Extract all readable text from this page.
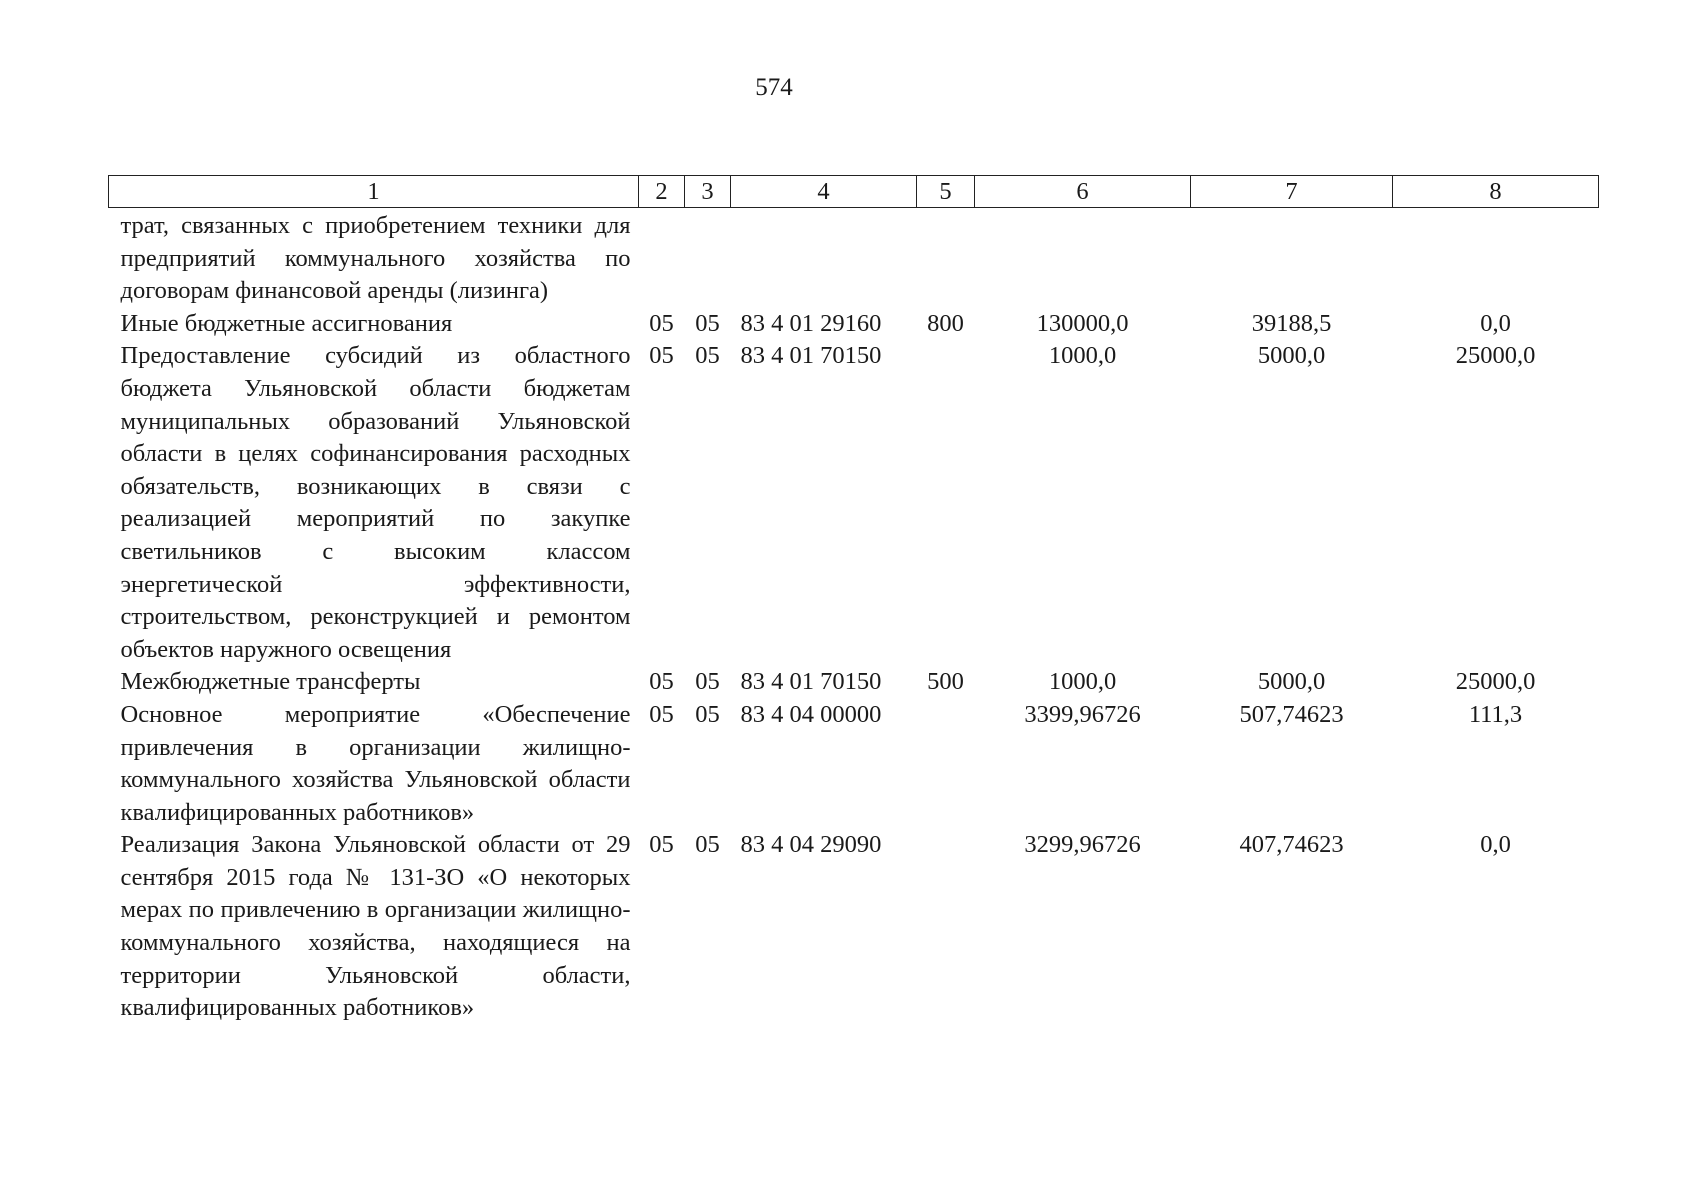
574
1	2	3	4	5	6	7	8
трат, связанных с приобретением техники для предприятий коммунального хозяйства по договорам финансовой аренды (лизинга)							
Иные бюджетные ассигнования	05	05	83 4 01 29160	800	130000,0	39188,5	0,0
Предоставление субсидий из областного бюджета Ульяновской области бюджетам муниципальных образований Ульяновской области в целях софинансирования расходных обязательств, возникающих в связи с реализацией мероприятий по закупке светильников с высоким классом энергетической эффективности, строительством, реконструкцией и ремонтом объектов наружного освещения	05	05	83 4 01 70150		1000,0	5000,0	25000,0
Межбюджетные трансферты	05	05	83 4 01 70150	500	1000,0	5000,0	25000,0
Основное мероприятие «Обеспечение привлечения в организации жилищно-коммунального хозяйства Ульяновской области квалифицированных работников»	05	05	83 4 04 00000		3399,96726	507,74623	111,3
Реализация Закона Ульяновской области от 29 сентября 2015 года № 131-ЗО «О некоторых мерах по привлечению в организации жилищно-коммунального хозяйства, находящиеся на территории Ульяновской области, квалифицированных работников»	05	05	83 4 04 29090		3299,96726	407,74623	0,0
